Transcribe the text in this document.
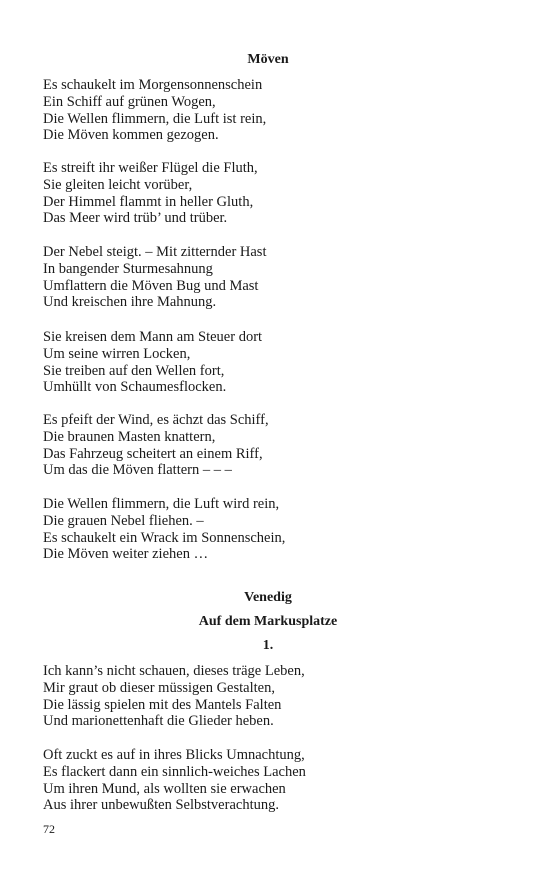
Möven
Es schaukelt im Morgensonnenschein
Ein Schiff auf grünen Wogen,
Die Wellen flimmern, die Luft ist rein,
Die Möven kommen gezogen.
Es streift ihr weißer Flügel die Fluth,
Sie gleiten leicht vorüber,
Der Himmel flammt in heller Gluth,
Das Meer wird trüb’ und trüber.
Der Nebel steigt. – Mit zitternder Hast
In bangender Sturmesahnung
Umflattern die Möven Bug und Mast
Und kreischen ihre Mahnung.
Sie kreisen dem Mann am Steuer dort
Um seine wirren Locken,
Sie treiben auf den Wellen fort,
Umhüllt von Schaumesflocken.
Es pfeift der Wind, es ächzt das Schiff,
Die braunen Masten knattern,
Das Fahrzeug scheitert an einem Riff,
Um das die Möven flattern – – –
Die Wellen flimmern, die Luft wird rein,
Die grauen Nebel fliehen. –
Es schaukelt ein Wrack im Sonnenschein,
Die Möven weiter ziehen …
Venedig
Auf dem Markusplatze
1.
Ich kann’s nicht schauen, dieses träge Leben,
Mir graut ob dieser müssigen Gestalten,
Die lässig spielen mit des Mantels Falten
Und marionettenhaft die Glieder heben.
Oft zuckt es auf in ihres Blicks Umnachtung,
Es flackert dann ein sinnlich-weiches Lachen
Um ihren Mund, als wollten sie erwachen
Aus ihrer unbewußten Selbstverachtung.
72
